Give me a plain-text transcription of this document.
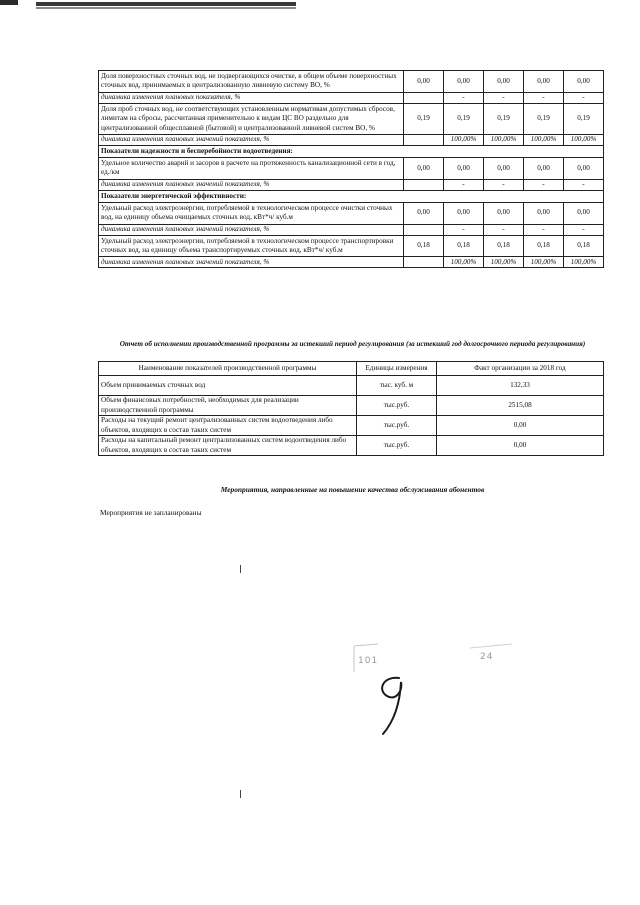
Доля поверхностных сточных вод, не подвергающихся очистке, в общем объеме поверхностных сточных вод, принимаемых в централизованную ливневую систему ВО, %	0,00	0,00	0,00	0,00	0,00
динамика изменения плановых показателя, %		-	-	-	-
Доля проб сточных вод, не соответствующих установленным нормативам допустимых сбросов, лимитам на сбросы, рассчитанная применительно к видам ЦС ВО раздельно для централизованной общесплавной (бытовой) и централизованной ливневой систем ВО, %	0,19	0,19	0,19	0,19	0,19
динамика изменения плановых значений показателя, %		100,00%	100,00%	100,00%	100,00%
Показатели надежности и бесперебойности водоотведения:					
Удельное количество аварий и засоров в расчете на протяженность канализационной сети в год, ед./км	0,00	0,00	0,00	0,00	0,00
динамика изменения плановых значений показателя, %		-	-	-	-
Показатели энергетической эффективности:					
Удельный расход электроэнергии, потребляемой в технологическом процессе очистки сточных вод, на единицу объема очищаемых сточных вод, кВт*ч/ куб.м	0,00	0,00	0,00	0,00	0,00
динамика изменения плановых значений показателя, %		-	-	-	-
Удельный расход электроэнергии, потребляемой в технологическом процессе транспортировки сточных вод, на единицу объема транспортируемых сточных вод, кВт*ч/ куб.м	0,18	0,18	0,18	0,18	0,18
динамика изменения плановых значений показателя, %		100,00%	100,00%	100,00%	100,00%
Отчет об исполнении производственной программы за истекший период регулирования (за истекший год долгосрочного периода регулирования)
Наименование показателей производственной программы	Единицы измерения	Факт организации за 2018 год
Объем принимаемых сточных вод	тыс. куб. м	132,33
Объем финансовых потребностей, необходимых для реализации производственной программы	тыс.руб.	2515,08
Расходы на текущий ремонт централизованных систем водоотведения либо объектов, входящих в состав таких систем	тыс.руб.	0,00
Расходы на капитальный ремонт централизованных систем водоотведения либо объектов, входящих в состав таких систем	тыс.руб.	0,00
Мероприятия, направленные на повышение качества обслуживания абонентов
Мероприятия не запланированы
101	24
